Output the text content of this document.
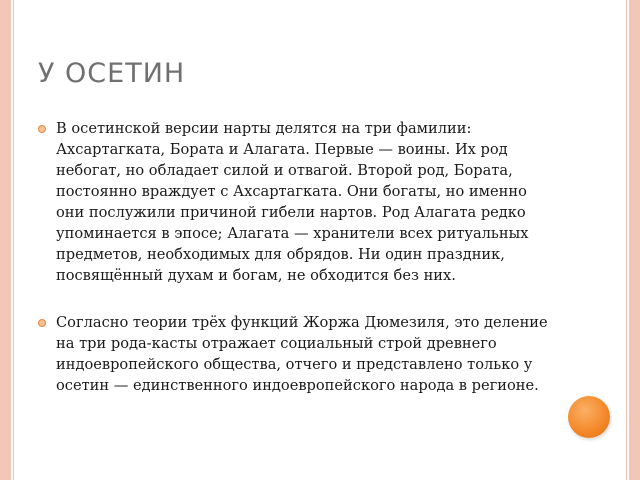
У ОСЕТИН
В осетинской версии нарты делятся на три фамилии: Ахсартагката, Бората и Алагата. Первые — воины. Их род небогат, но обладает силой и отвагой. Второй род, Бората, постоянно враждует с Ахсартагката. Они богаты, но именно они послужили причиной гибели нартов. Род Алагата редко упоминается в эпосе; Алагата — хранители всех ритуальных предметов, необходимых для обрядов. Ни один праздник, посвящённый духам и богам, не обходится без них.
Согласно теории трёх функций Жоржа Дюмезиля, это деление на три рода-касты отражает социальный строй древнего индоевропейского общества, отчего и представлено только у осетин — единственного индоевропейского народа в регионе.
